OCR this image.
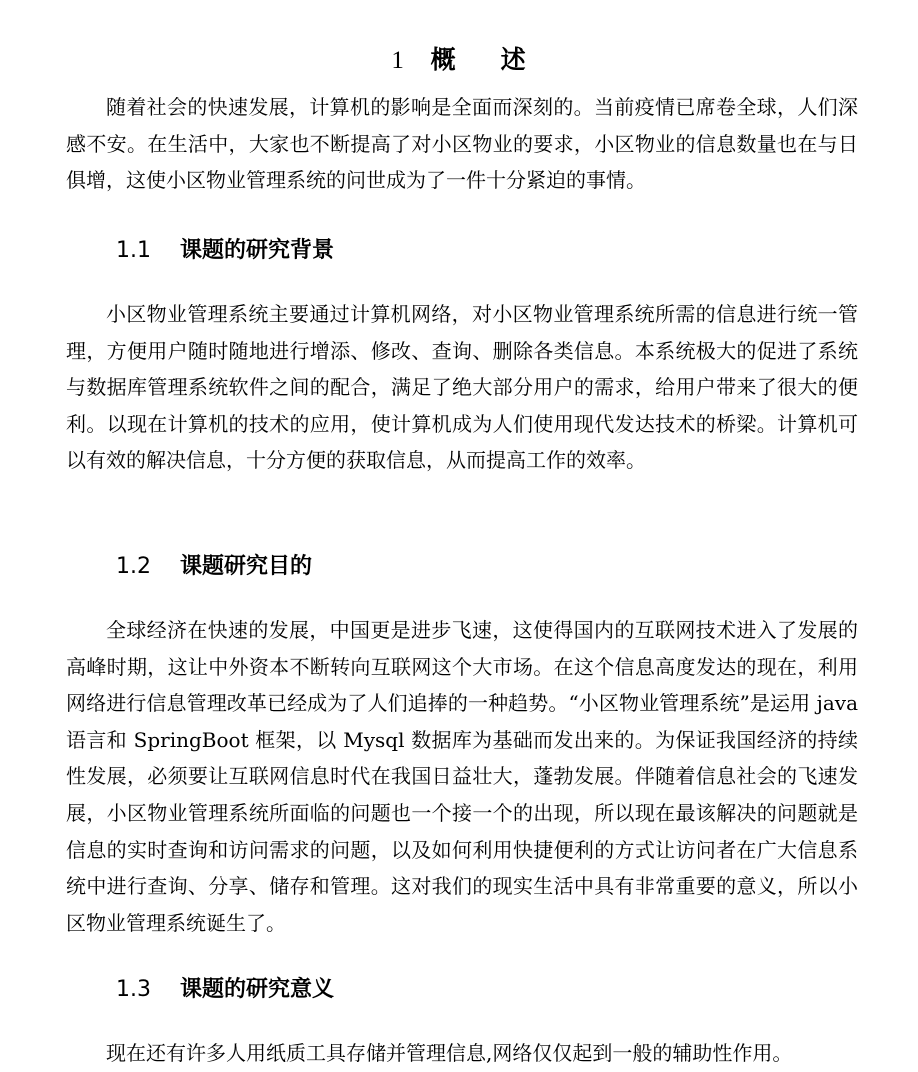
1 概 述

随着社会的快速发展，计算机的影响是全面而深刻的。当前疫情已席卷全球，人们深感不安。在生活中，大家也不断提高了对小区物业的要求，小区物业的信息数量也在与日俱增，这使小区物业管理系统的问世成为了一件十分紧迫的事情。

1.1 课题的研究背景

小区物业管理系统主要通过计算机网络，对小区物业管理系统所需的信息进行统一管理，方便用户随时随地进行增添、修改、查询、删除各类信息。本系统极大的促进了系统与数据库管理系统软件之间的配合，满足了绝大部分用户的需求，给用户带来了很大的便利。以现在计算机的技术的应用，使计算机成为人们使用现代发达技术的桥梁。计算机可以有效的解决信息，十分方便的获取信息，从而提高工作的效率。

1.2 课题研究目的

全球经济在快速的发展，中国更是进步飞速，这使得国内的互联网技术进入了发展的高峰时期，这让中外资本不断转向互联网这个大市场。在这个信息高度发达的现在，利用网络进行信息管理改革已经成为了人们追捧的一种趋势。“小区物业管理系统”是运用 java 语言和 SpringBoot 框架，以 Mysql 数据库为基础而发出来的。为保证我国经济的持续性发展，必须要让互联网信息时代在我国日益壮大，蓬勃发展。伴随着信息社会的飞速发展，小区物业管理系统所面临的问题也一个接一个的出现，所以现在最该解决的问题就是信息的实时查询和访问需求的问题，以及如何利用快捷便利的方式让访问者在广大信息系统中进行查询、分享、储存和管理。这对我们的现实生活中具有非常重要的意义，所以小区物业管理系统诞生了。

1.3 课题的研究意义

现在还有许多人用纸质工具存储并管理信息,网络仅仅起到一般的辅助性作用。
